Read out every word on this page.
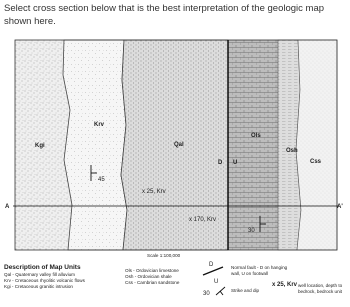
Select cross section below that is the best interpretation of the geologic map shown here.
Kgi
Krv
Qal
Ols
Osh
Css
D U
A	A'
45
30
x 25, Krv
x 170, Krv
D
U
30
Scale 1:100,000
Description of Map Units
Qal - Quaternary valley fill alluvium
Krv - Cretaceous rhyolitic volcanic flows
Kgi - Cretaceous granitic intrusion
Ols - Ordovician limestone
Osh - Ordovician shale
Css - Cambrian sandstone
Normal fault - D on hanging wall, U on footwall
Strike and dip
x 25, Krv well location, depth to bedrock, bedrock unit
